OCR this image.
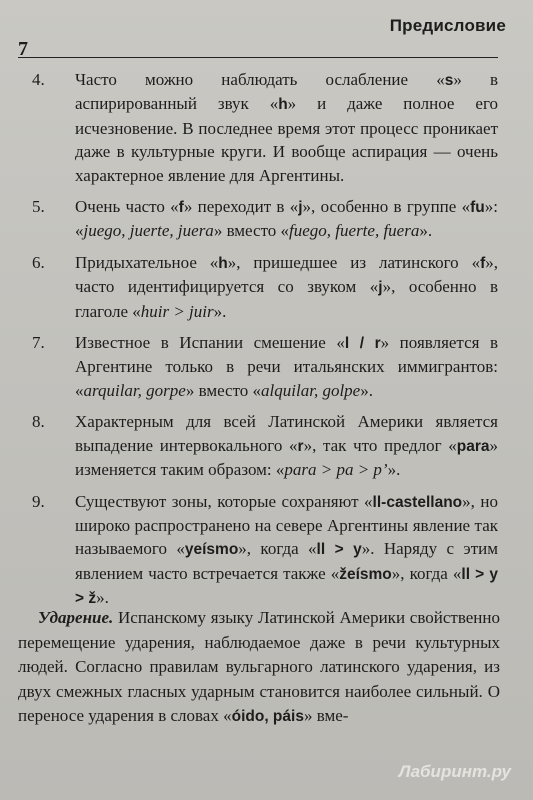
Предисловие
7
4. Часто можно наблюдать ослабление «s» в аспирированный звук «h» и даже полное его исчезновение. В последнее время этот процесс проникает даже в культурные круги. И вообще аспирация — очень характерное явление для Аргентины.
5. Очень часто «f» переходит в «j», особенно в группе «fu»: «juego, juerte, juera» вместо «fuego, fuerte, fuera».
6. Придыхательное «h», пришедшее из латинского «f», часто идентифицируется со звуком «j», особенно в глаголе «huir > juir».
7. Известное в Испании смешение «l / r» появляется в Аргентине только в речи итальянских иммигрантов: «arquilar, gorpe» вместо «alquilar, golpe».
8. Характерным для всей Латинской Америки является выпадение интервокального «r», так что предлог «para» изменяется таким образом: «para > pa > p’».
9. Существуют зоны, которые сохраняют «ll-castellano», но широко распространено на севере Аргентины явление так называемого «yeísmo», когда «ll > y». Наряду с этим явлением часто встречается также «žeísmo», когда «ll > y > ž».
Ударение. Испанскому языку Латинской Америки свойственно перемещение ударения, наблюдаемое даже в речи культурных людей. Согласно правилам вульгарного латинского ударения, из двух смежных гласных ударным становится наиболее сильный. О переносе ударения в словах «óido, páis» вме-
Лабиринт.ру
